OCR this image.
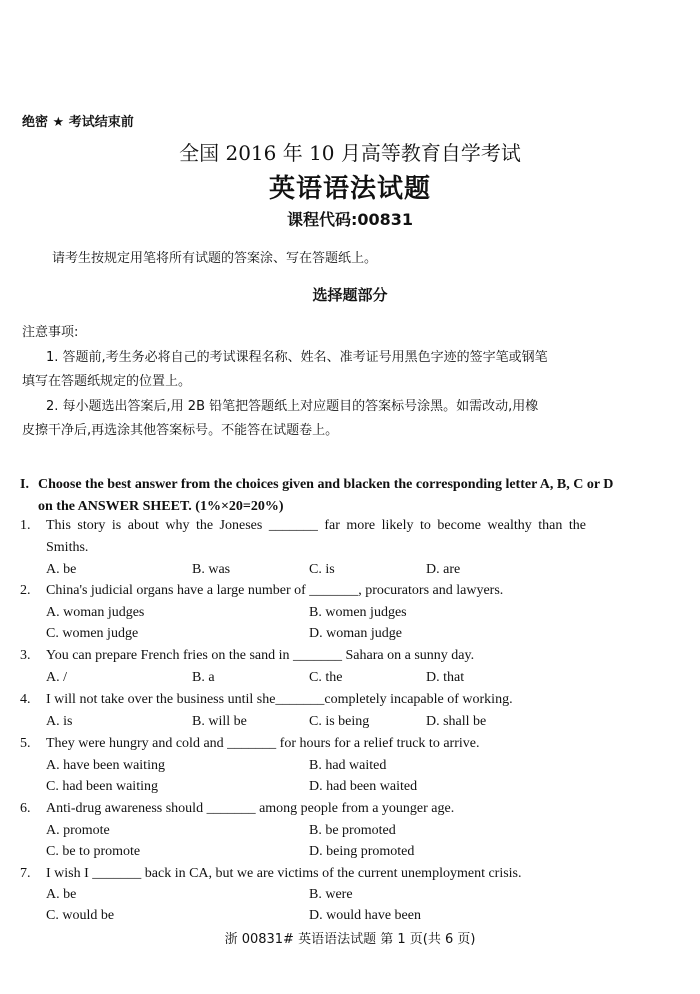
绝密 ★ 考试结束前
全国 2016 年 10 月高等教育自学考试
英语语法试题
课程代码:00831
请考生按规定用笔将所有试题的答案涂、写在答题纸上。
选择题部分
注意事项:
1. 答题前,考生务必将自己的考试课程名称、姓名、准考证号用黑色字迹的签字笔或钢笔
填写在答题纸规定的位置上。
2. 每小题选出答案后,用 2B 铅笔把答题纸上对应题目的答案标号涂黑。如需改动,用橡
皮擦干净后,再选涂其他答案标号。不能答在试题卷上。
I. Choose the best answer from the choices given and blacken the corresponding letter A, B, C or D on the ANSWER SHEET. (1%×20=20%)
1. This story is about why the Joneses _______ far more likely to become wealthy than the
Smiths.
A. be	B. was	C. is	D. are
2. China's judicial organs have a large number of _______, procurators and lawyers.
A. woman judges	B. women judges
C. women judge	D. woman judge
3. You can prepare French fries on the sand in _______ Sahara on a sunny day.
A. /	B. a	C. the	D. that
4. I will not take over the business until she_______completely incapable of working.
A. is	B. will be	C. is being	D. shall be
5. They were hungry and cold and _______ for hours for a relief truck to arrive.
A. have been waiting	B. had waited
C. had been waiting	D. had been waited
6. Anti-drug awareness should _______ among people from a younger age.
A. promote	B. be promoted
C. be to promote	D. being promoted
7. I wish I _______ back in CA, but we are victims of the current unemployment crisis.
A. be	B. were
C. would be	D. would have been
浙 00831# 英语语法试题 第 1 页(共 6 页)
